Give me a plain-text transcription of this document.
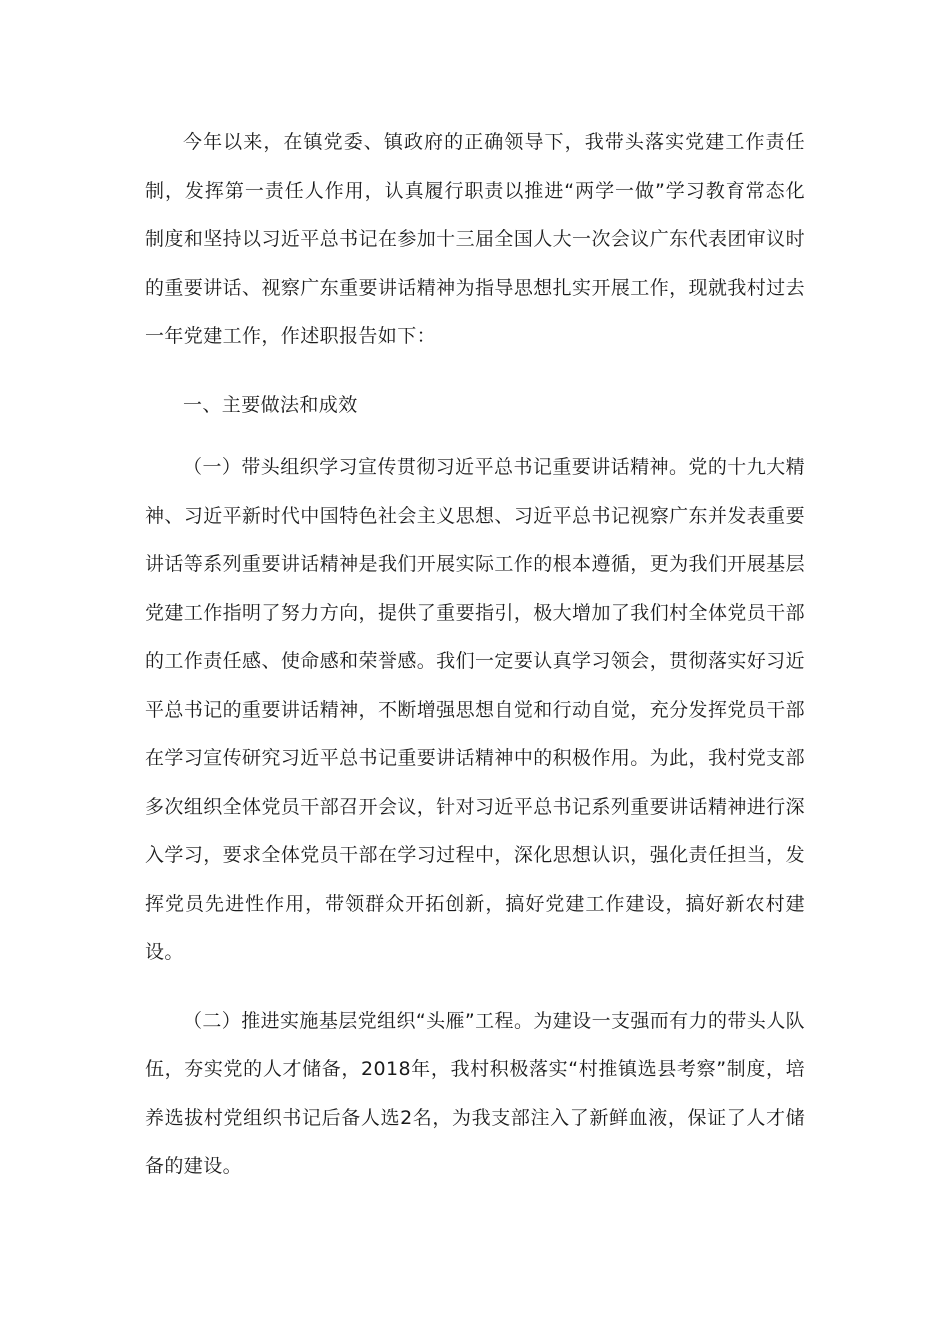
今年以来，在镇党委、镇政府的正确领导下，我带头落实党建工作责任制，发挥第一责任人作用，认真履行职责以推进“两学一做”学习教育常态化制度和坚持以习近平总书记在参加十三届全国人大一次会议广东代表团审议时的重要讲话、视察广东重要讲话精神为指导思想扎实开展工作，现就我村过去一年党建工作，作述职报告如下：

一、主要做法和成效

（一）带头组织学习宣传贯彻习近平总书记重要讲话精神。党的十九大精神、习近平新时代中国特色社会主义思想、习近平总书记视察广东并发表重要讲话等系列重要讲话精神是我们开展实际工作的根本遵循，更为我们开展基层党建工作指明了努力方向，提供了重要指引，极大增加了我们村全体党员干部的工作责任感、使命感和荣誉感。我们一定要认真学习领会，贯彻落实好习近平总书记的重要讲话精神，不断增强思想自觉和行动自觉，充分发挥党员干部在学习宣传研究习近平总书记重要讲话精神中的积极作用。为此，我村党支部多次组织全体党员干部召开会议，针对习近平总书记系列重要讲话精神进行深入学习，要求全体党员干部在学习过程中，深化思想认识，强化责任担当，发挥党员先进性作用，带领群众开拓创新，搞好党建工作建设，搞好新农村建设。

（二）推进实施基层党组织“头雁”工程。为建设一支强而有力的带头人队伍，夯实党的人才储备，2018年，我村积极落实“村推镇选县考察”制度，培养选拔村党组织书记后备人选2名，为我支部注入了新鲜血液，保证了人才储备的建设。
